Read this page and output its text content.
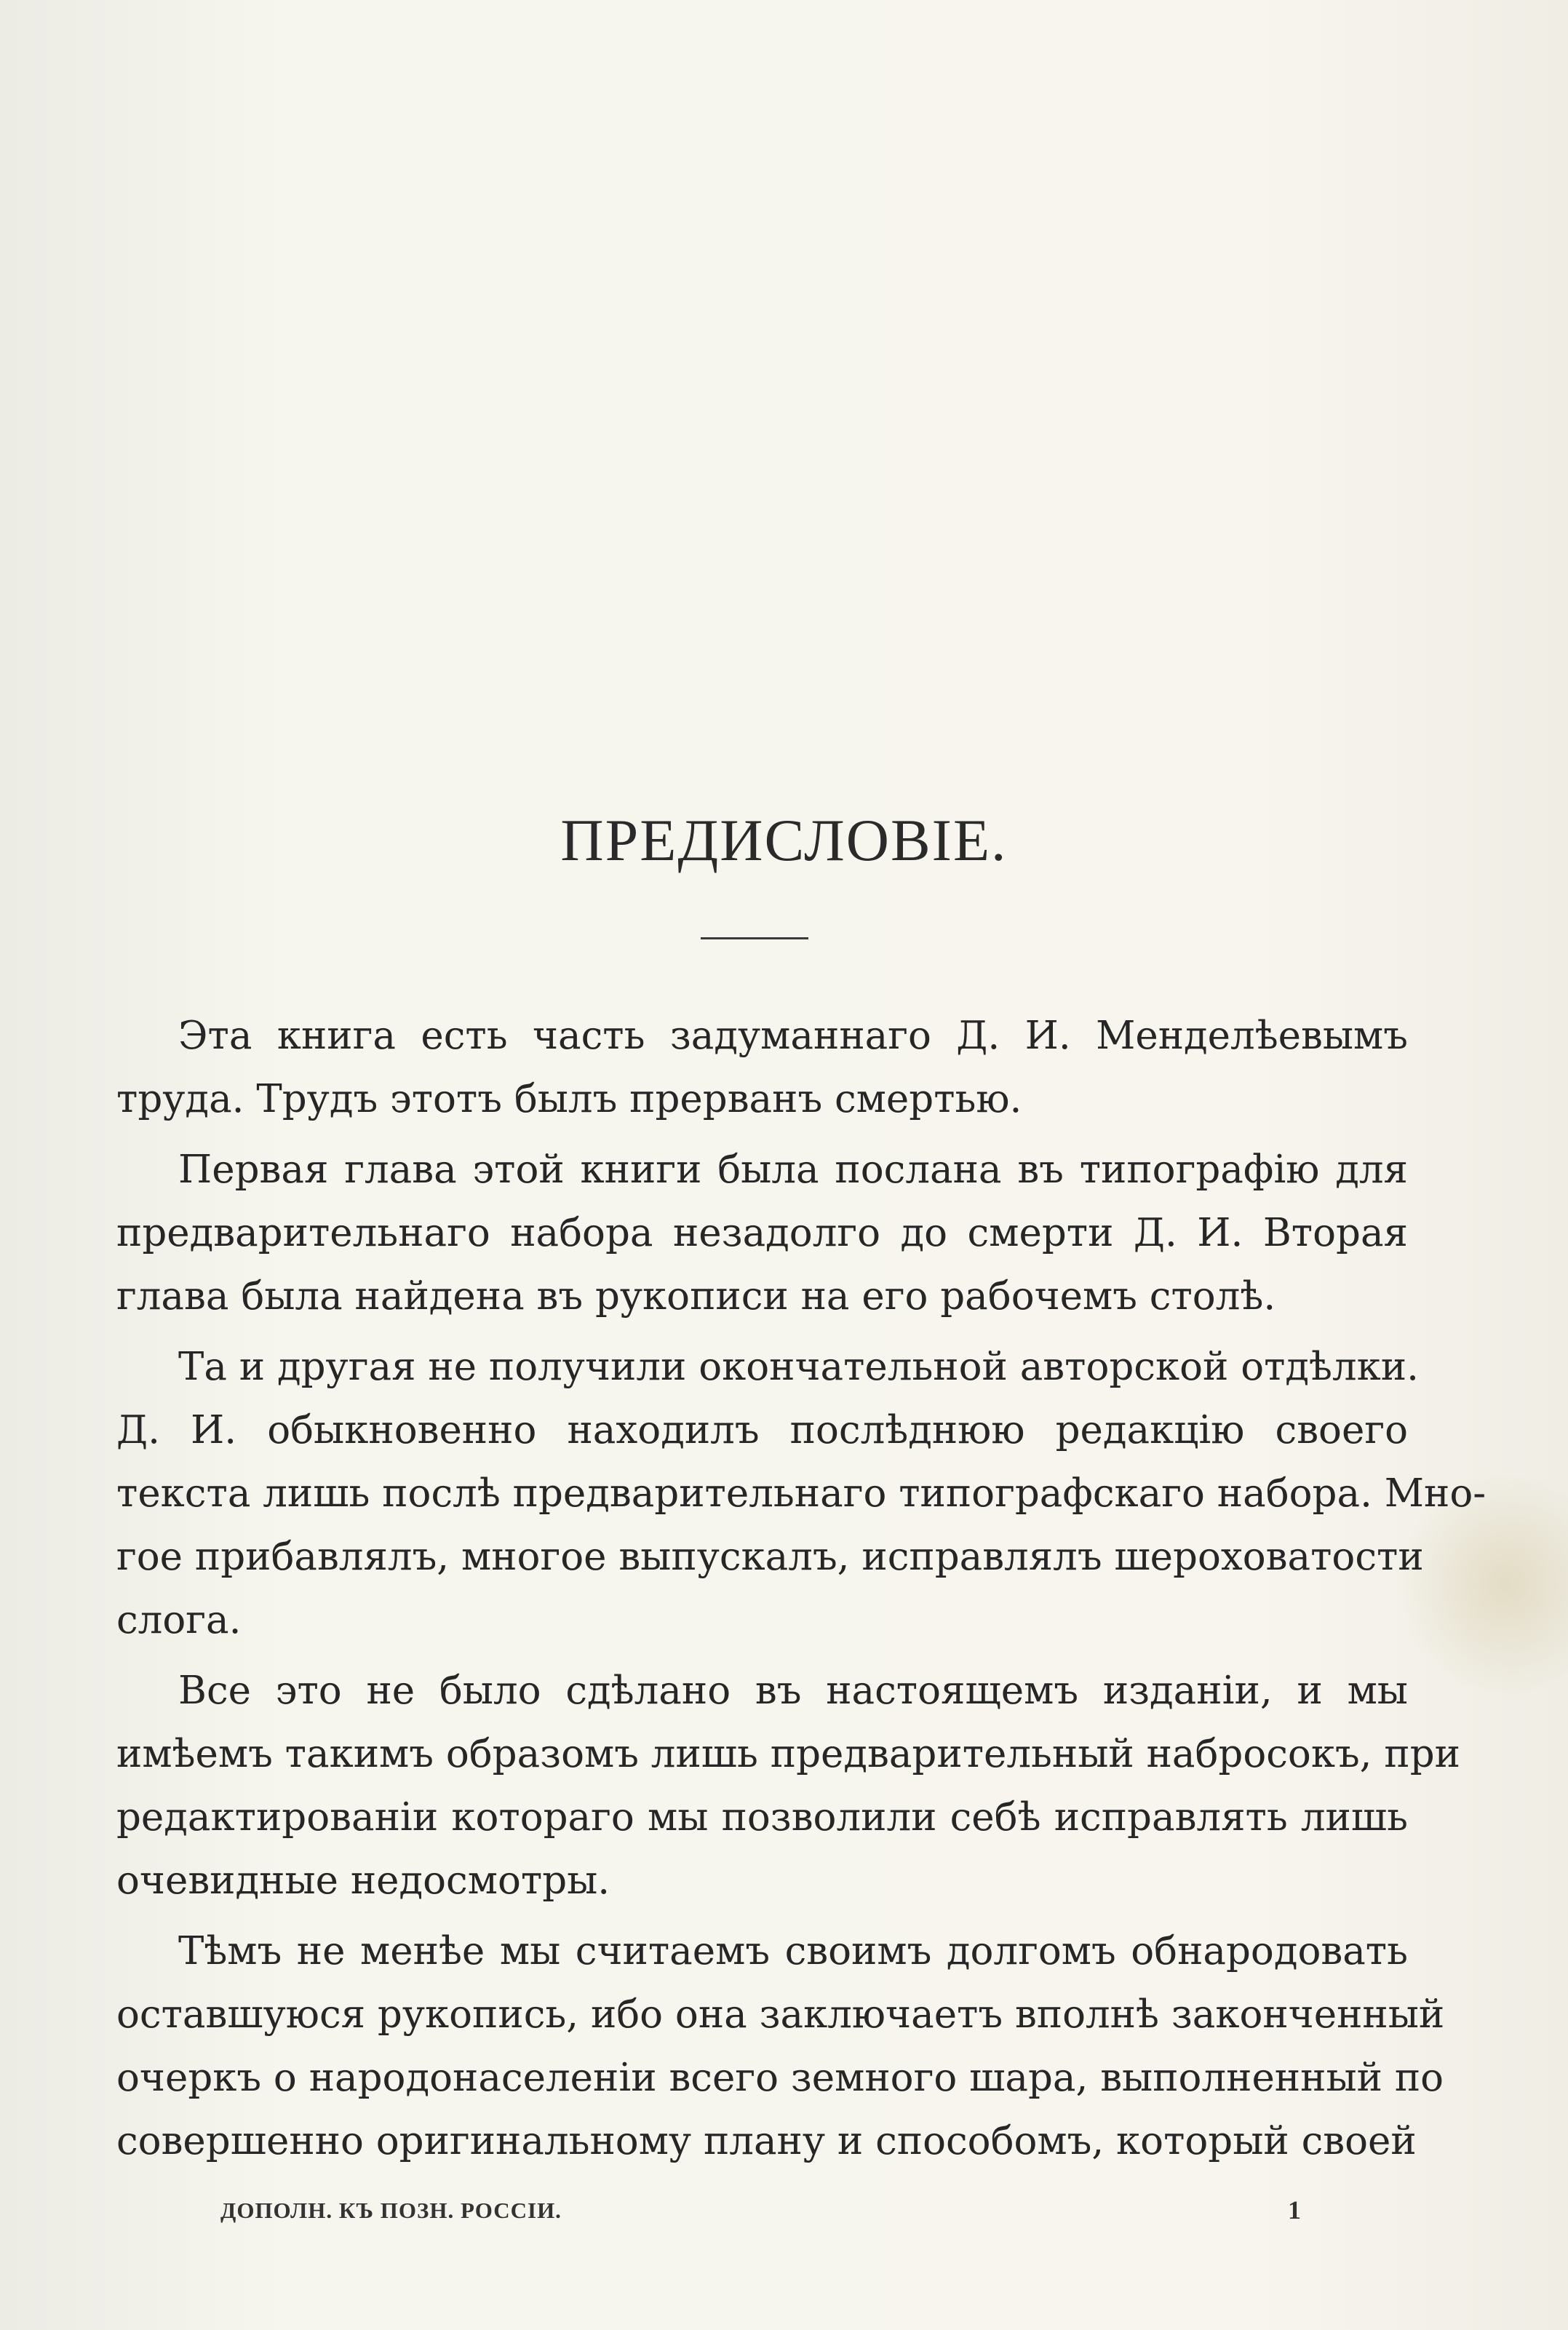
ПРЕДИСЛОВІЕ.
Эта книга есть часть задуманнаго Д. И. Менделѣевымъ
труда. Трудъ этотъ былъ прерванъ смертью.
Первая глава этой книги была послана въ типографію для
предварительнаго набора незадолго до смерти Д. И. Вторая
глава была найдена въ рукописи на его рабочемъ столѣ.
Та и другая не получили окончательной авторской отдѣлки.
Д. И. обыкновенно находилъ послѣднюю редакцію своего
текста лишь послѣ предварительнаго типографскаго набора. Мно-
гое прибавлялъ, многое выпускалъ, исправлялъ шероховатости
слога.
Все это не было сдѣлано въ настоящемъ изданіи, и мы
имѣемъ такимъ образомъ лишь предварительный набросокъ, при
редактированіи котораго мы позволили себѣ исправлять лишь
очевидные недосмотры.
Тѣмъ не менѣе мы считаемъ своимъ долгомъ обнародовать
оставшуюся рукопись, ибо она заключаетъ вполнѣ законченный
очеркъ о народонаселеніи всего земного шара, выполненный по
совершенно оригинальному плану и способомъ, который своей
ДОПОЛН. КЪ ПОЗН. РОССІИ.	1
